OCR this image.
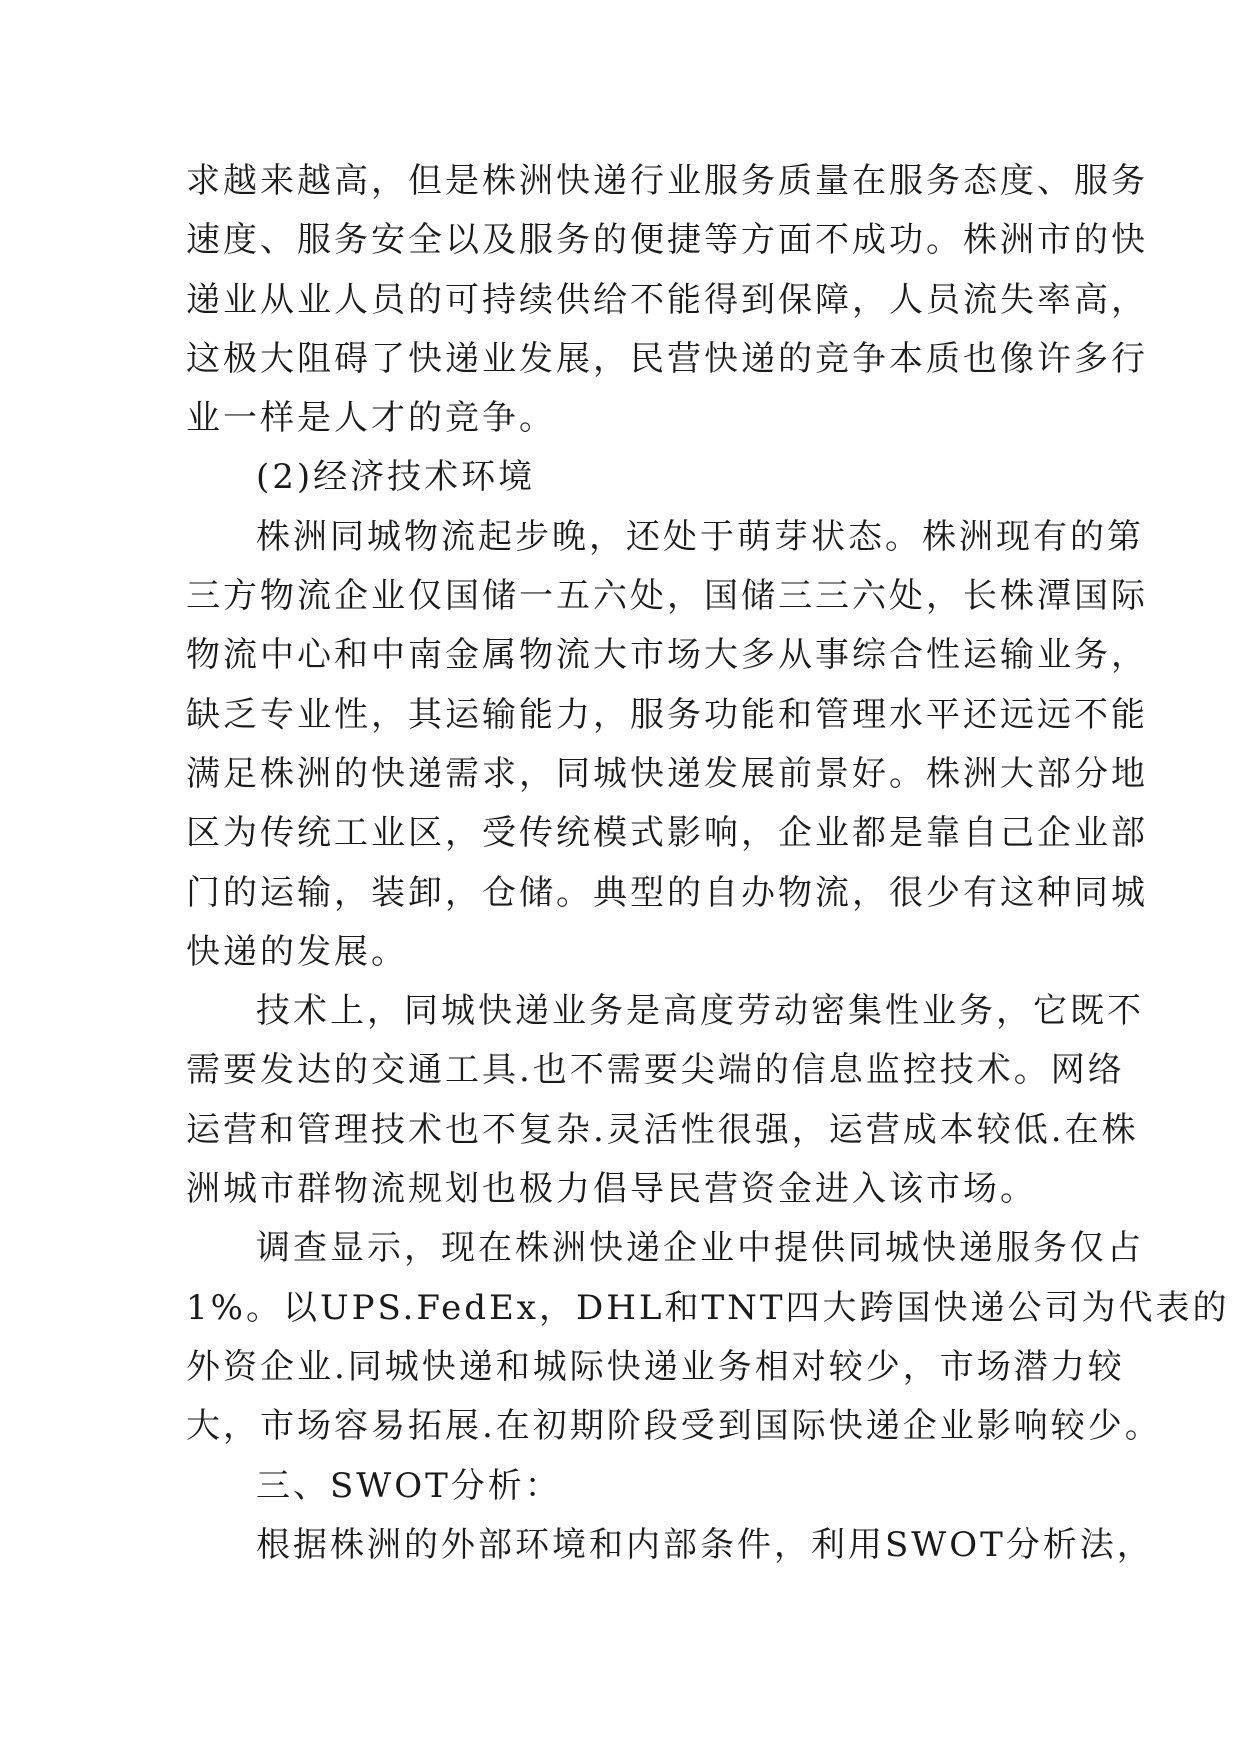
求越来越高，但是株洲快递行业服务质量在服务态度、服务
速度、服务安全以及服务的便捷等方面不成功。株洲市的快
递业从业人员的可持续供给不能得到保障，人员流失率高，
这极大阻碍了快递业发展，民营快递的竞争本质也像许多行
业一样是人才的竞争。
(2)经济技术环境
株洲同城物流起步晚，还处于萌芽状态。株洲现有的第
三方物流企业仅国储一五六处，国储三三六处，长株潭国际
物流中心和中南金属物流大市场大多从事综合性运输业务，
缺乏专业性，其运输能力，服务功能和管理水平还远远不能
满足株洲的快递需求，同城快递发展前景好。株洲大部分地
区为传统工业区，受传统模式影响，企业都是靠自己企业部
门的运输，装卸，仓储。典型的自办物流，很少有这种同城
快递的发展。
技术上，同城快递业务是高度劳动密集性业务，它既不
需要发达的交通工具.也不需要尖端的信息监控技术。网络
运营和管理技术也不复杂.灵活性很强，运营成本较低.在株
洲城市群物流规划也极力倡导民营资金进入该市场。
调查显示，现在株洲快递企业中提供同城快递服务仅占
1%。以UPS.FedEx，DHL和TNT四大跨国快递公司为代表的
外资企业.同城快递和城际快递业务相对较少，市场潜力较
大，市场容易拓展.在初期阶段受到国际快递企业影响较少。
三、SWOT分析：
根据株洲的外部环境和内部条件，利用SWOT分析法，
